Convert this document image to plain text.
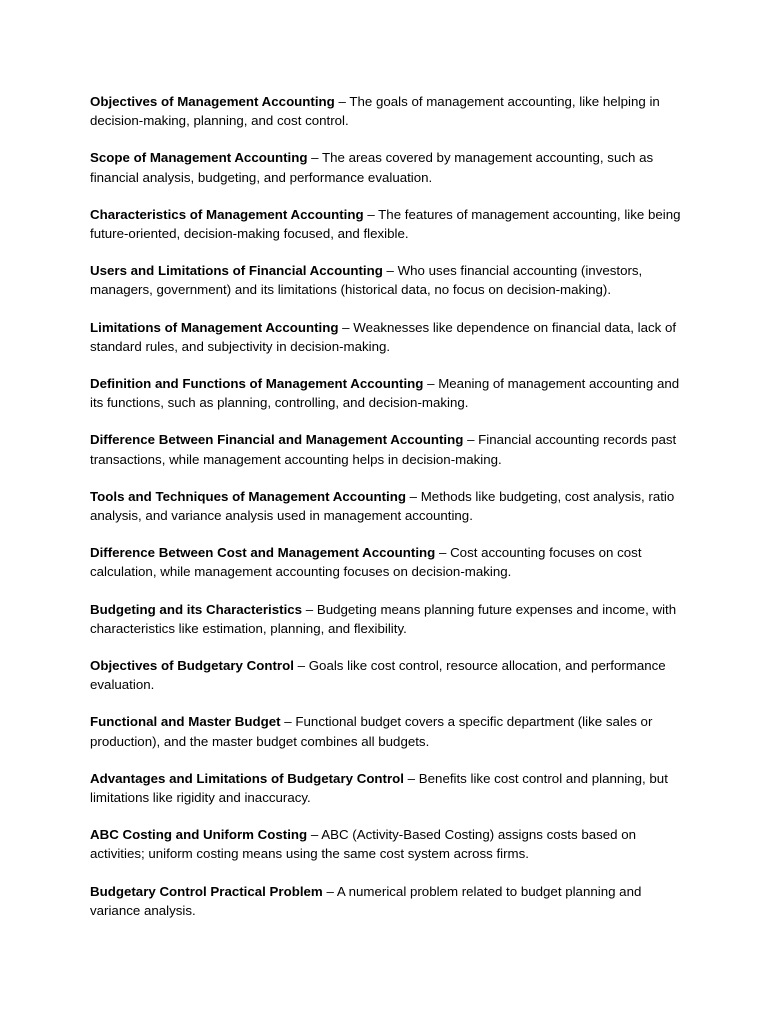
Objectives of Management Accounting – The goals of management accounting, like helping in decision-making, planning, and cost control.

Scope of Management Accounting – The areas covered by management accounting, such as financial analysis, budgeting, and performance evaluation.

Characteristics of Management Accounting – The features of management accounting, like being future-oriented, decision-making focused, and flexible.

Users and Limitations of Financial Accounting – Who uses financial accounting (investors, managers, government) and its limitations (historical data, no focus on decision-making).

Limitations of Management Accounting – Weaknesses like dependence on financial data, lack of standard rules, and subjectivity in decision-making.

Definition and Functions of Management Accounting – Meaning of management accounting and its functions, such as planning, controlling, and decision-making.

Difference Between Financial and Management Accounting – Financial accounting records past transactions, while management accounting helps in decision-making.

Tools and Techniques of Management Accounting – Methods like budgeting, cost analysis, ratio analysis, and variance analysis used in management accounting.

Difference Between Cost and Management Accounting – Cost accounting focuses on cost calculation, while management accounting focuses on decision-making.

Budgeting and its Characteristics – Budgeting means planning future expenses and income, with characteristics like estimation, planning, and flexibility.

Objectives of Budgetary Control – Goals like cost control, resource allocation, and performance evaluation.

Functional and Master Budget – Functional budget covers a specific department (like sales or production), and the master budget combines all budgets.

Advantages and Limitations of Budgetary Control – Benefits like cost control and planning, but limitations like rigidity and inaccuracy.

ABC Costing and Uniform Costing – ABC (Activity-Based Costing) assigns costs based on activities; uniform costing means using the same cost system across firms.

Budgetary Control Practical Problem – A numerical problem related to budget planning and variance analysis.
